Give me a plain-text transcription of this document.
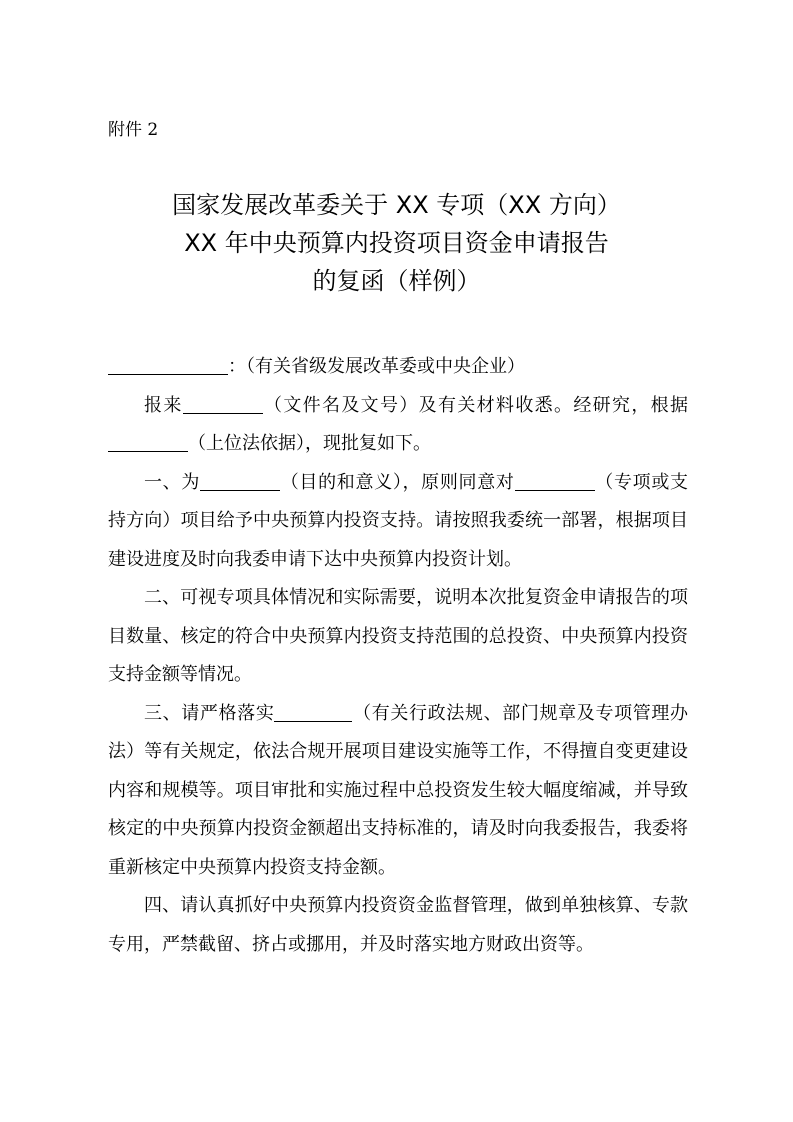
附件 2
国家发展改革委关于 XX 专项（XX 方向）
XX 年中央预算内投资项目资金申请报告
的复函（样例）

：（有关省级发展改革委或中央企业）

报来	（文件名及文号）及有关材料收悉。经研究，根据（上位法依据），现批复如下。

一、为	（目的和意义），原则同意对	（专项或支持方向）项目给予中央预算内投资支持。请按照我委统一部署，根据项目建设进度及时向我委申请下达中央预算内投资计划。

二、可视专项具体情况和实际需要，说明本次批复资金申请报告的项目数量、核定的符合中央预算内投资支持范围的总投资、中央预算内投资支持金额等情况。

三、请严格落实	（有关行政法规、部门规章及专项管理办法）等有关规定，依法合规开展项目建设实施等工作，不得擅自变更建设内容和规模等。项目审批和实施过程中总投资发生较大幅度缩减，并导致核定的中央预算内投资金额超出支持标准的，请及时向我委报告，我委将重新核定中央预算内投资支持金额。

四、请认真抓好中央预算内投资资金监督管理，做到单独核算、专款专用，严禁截留、挤占或挪用，并及时落实地方财政出资等。
